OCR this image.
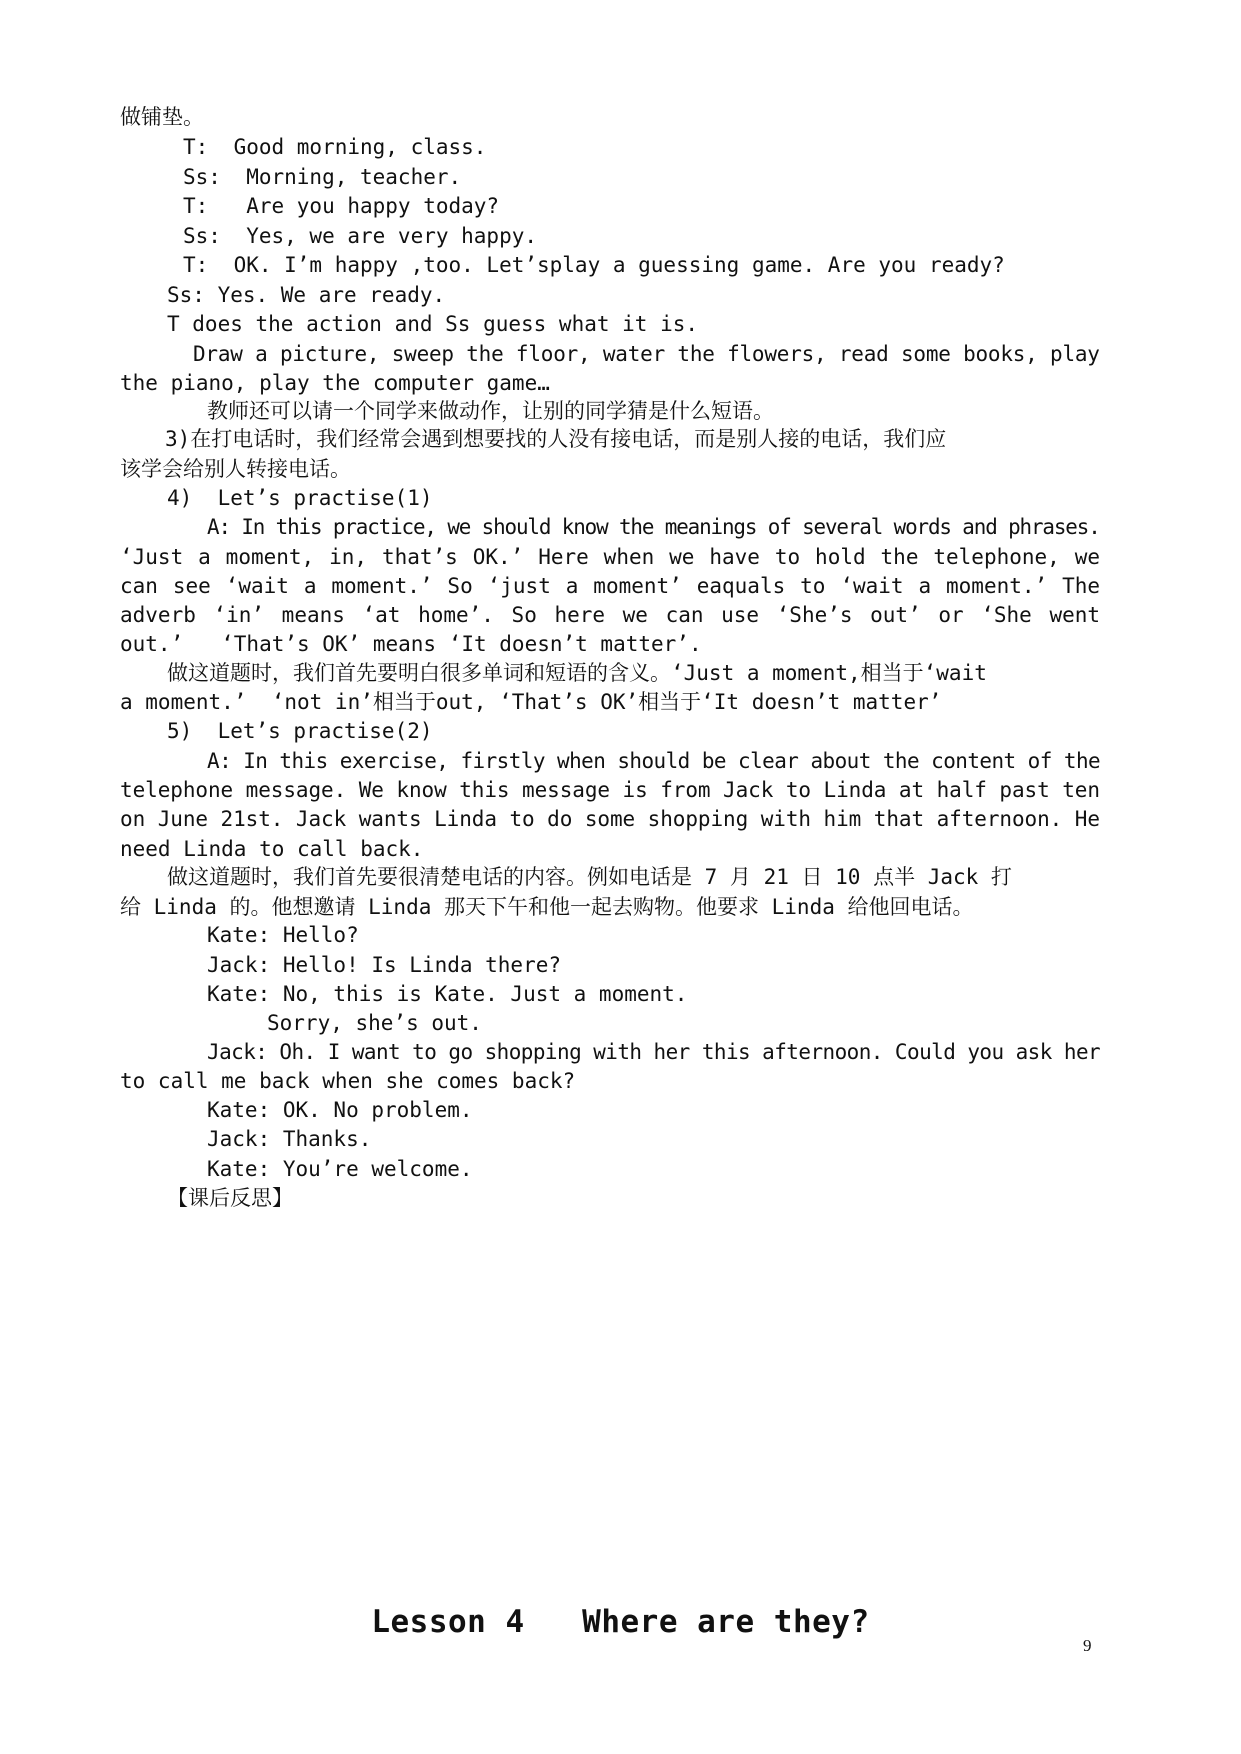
做铺垫。
T:  Good morning, class.
Ss:  Morning, teacher.
T:   Are you happy today?
Ss:  Yes, we are very happy.
T:  OK. I’m happy ,too. Let’splay a guessing game. Are you ready?
Ss: Yes. We are ready.
T does the action and Ss guess what it is.
Draw a picture, sweep the floor, water the flowers, read some books, play
the piano, play the computer game…
教师还可以请一个同学来做动作，让别的同学猜是什么短语。
3)在打电话时，我们经常会遇到想要找的人没有接电话，而是别人接的电话，我们应
该学会给别人转接电话。
4)  Let’s practise(1)
A: In this practice, we should know the meanings of several words and phrases.
‘Just a moment, in, that’s OK.’ Here when we have to hold the telephone, we
can see ‘wait a moment.’ So ‘just a moment’ eaquals to ‘wait a moment.’ The
adverb ‘in’ means ‘at home’. So here we can use ‘She’s out’ or ‘She went
out.’   ‘That’s OK’ means ‘It doesn’t matter’.
做这道题时，我们首先要明白很多单词和短语的含义。‘Just a moment,相当于‘wait
a moment.’  ‘not in’相当于out, ‘That’s OK’相当于‘It doesn’t matter’
5)  Let’s practise(2)
A: In this exercise, firstly when should be clear about the content of the
telephone message. We know this message is from Jack to Linda at half past ten
on June 21st. Jack wants Linda to do some shopping with him that afternoon. He
need Linda to call back.
做这道题时，我们首先要很清楚电话的内容。例如电话是 7 月 21 日 10 点半 Jack 打
给 Linda 的。他想邀请 Linda 那天下午和他一起去购物。他要求 Linda 给他回电话。
Kate: Hello?
Jack: Hello! Is Linda there?
Kate: No, this is Kate. Just a moment.
Sorry, she’s out.
Jack: Oh. I want to go shopping with her this afternoon. Could you ask her
to call me back when she comes back?
Kate: OK. No problem.
Jack: Thanks.
Kate: You’re welcome.
【课后反思】
Lesson 4   Where are they?
9
